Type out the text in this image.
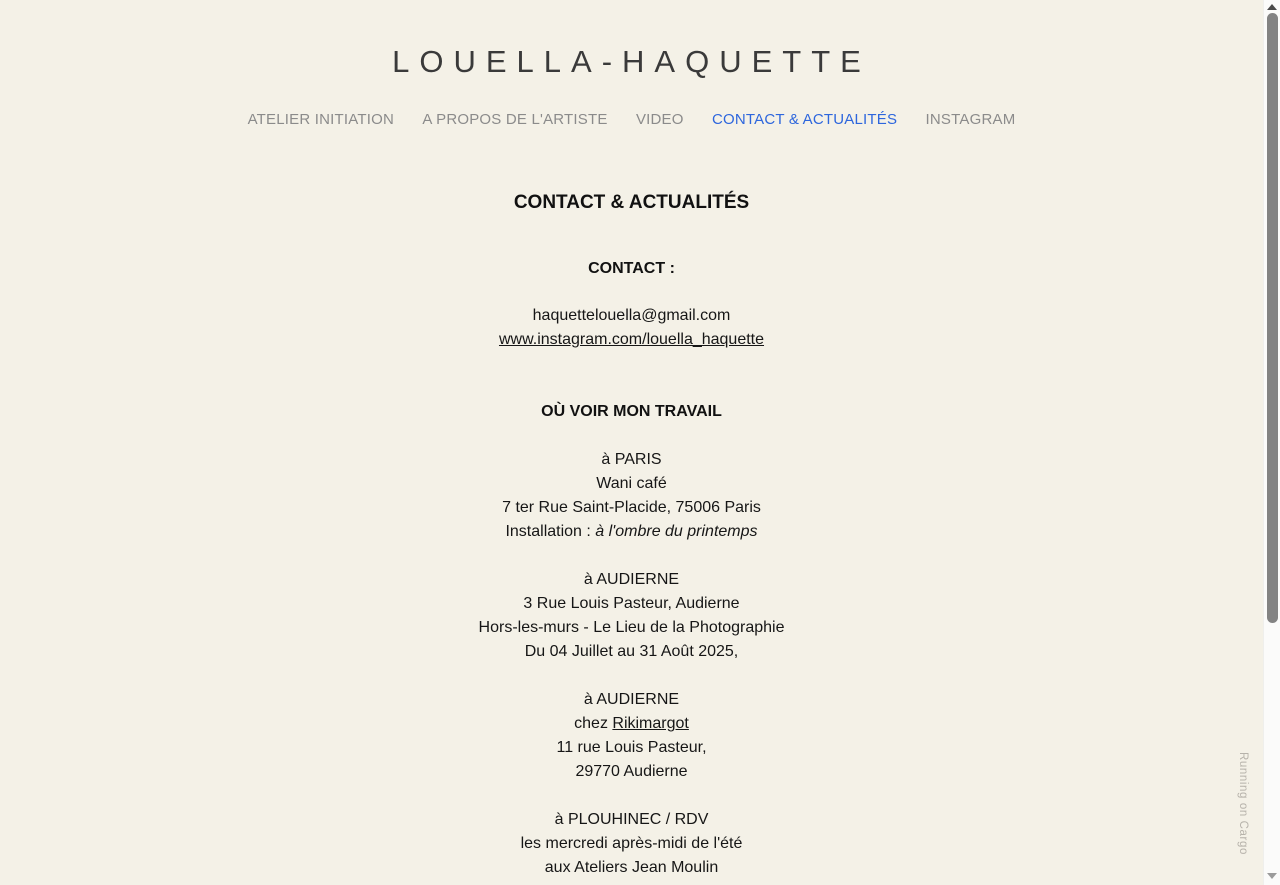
LOUELLA-HAQUETTE
ATELIER INITIATION A PROPOS DE L'ARTISTE VIDEO CONTACT & ACTUALITÉS INSTAGRAM
CONTACT & ACTUALITÉS
CONTACT :

haquettelouella@gmail.com
www.instagram.com/louella_haquette

OÙ VOIR MON TRAVAIL
à PARIS
Wani café
7 ter Rue Saint-Placide, 75006 Paris
Installation : à l'ombre du printemps
à AUDIERNE
3 Rue Louis Pasteur, Audierne
Hors-les-murs - Le Lieu de la Photographie
Du 04 Juillet au 31 Août 2025,
à AUDIERNE
chez Rikimargot
11 rue Louis Pasteur,
29770 Audierne
à PLOUHINEC / RDV
les mercredi après-midi de l'été
aux Ateliers Jean Moulin
Running on Cargo
